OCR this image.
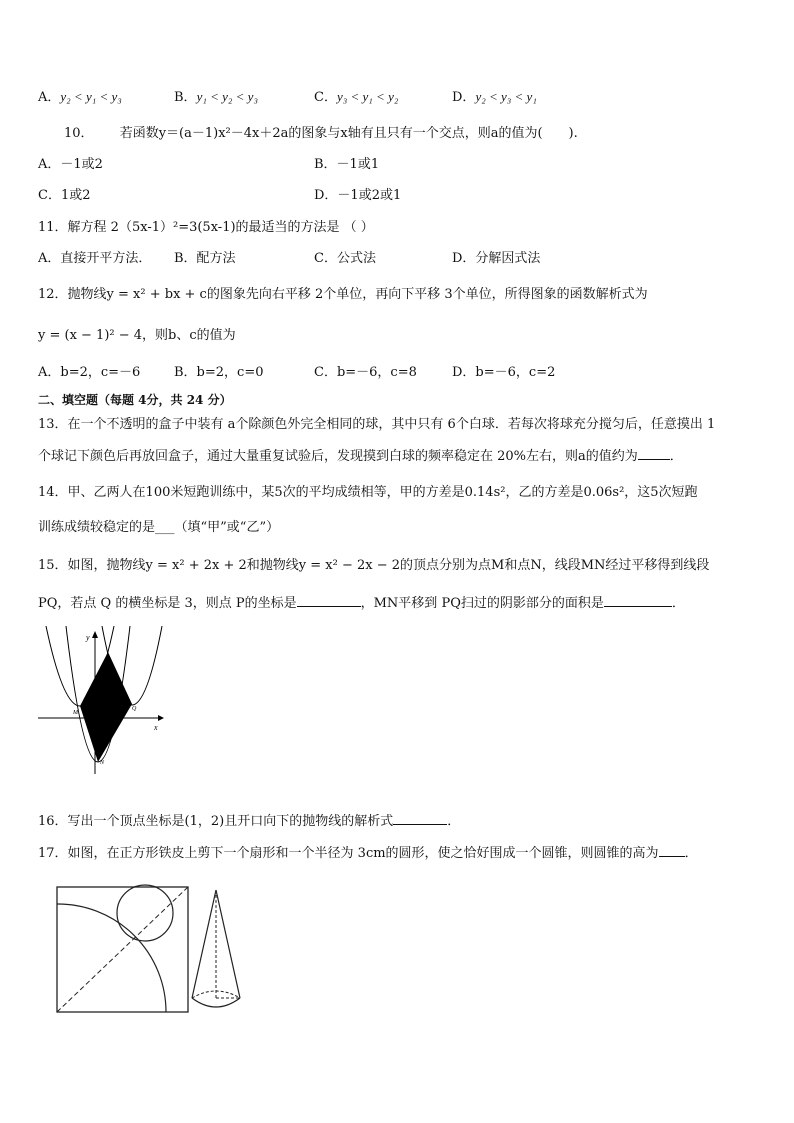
A．y₂ < y₁ < y₃	B．y₁ < y₂ < y₃	C．y₃ < y₁ < y₂	D．y₂ < y₃ < y₁
10． 若函数y＝(a－1)x²－4x＋2a的图象与x轴有且只有一个交点，则a的值为(　　).
A．－1或2	B．－1或1
C．1或2	D．－1或2或1
11．解方程 2（5x-1）²=3(5x-1)的最适当的方法是 （ ）
A．直接开平方法． B．配方法	C．公式法	D．分解因式法
12．抛物线y = x² + bx + c的图象先向右平移 2个单位，再向下平移 3个单位，所得图象的函数解析式为
y = (x − 1)² − 4，则b、c的值为
A．b=2，c=－6	B．b=2，c=0	C．b=－6，c=8	D．b=－6，c=2
二、填空题（每题 4分，共 24 分）
13．在一个不透明的盒子中装有 a个除颜色外完全相同的球，其中只有 6个白球．若每次将球充分搅匀后，任意摸出 1
个球记下颜色后再放回盒子，通过大量重复试验后，发现摸到白球的频率稳定在 20%左右，则a的值约为 ．
14．甲、乙两人在100米短跑训练中，某5次的平均成绩相等，甲的方差是0.14s²，乙的方差是0.06s²，这5次短跑
训练成绩较稳定的是___（填“甲”或“乙”）
15．如图，抛物线y = x² + 2x + 2和抛物线y = x² − 2x − 2的顶点分别为点M和点N，线段MN经过平移得到线段
PQ，若点 Q 的横坐标是 3，则点 P的坐标是	，MN平移到 PQ扫过的阴影部分的面积是	．
y
x
P
Q
M
N
16．写出一个顶点坐标是(1，2)且开口向下的抛物线的解析式	．
17．如图，在正方形铁皮上剪下一个扇形和一个半径为 3cm的圆形，使之恰好围成一个圆锥，则圆锥的高为 ．
